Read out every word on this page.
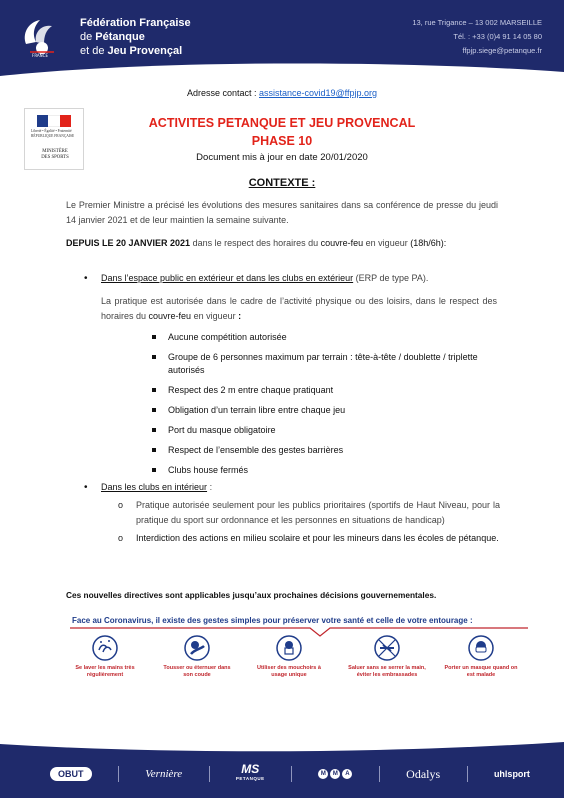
FRANCE
Fédération Française
de Pétanque
et de Jeu Provençal
13, rue Trigance – 13 002 MARSEILLE
Tél. : +33 (0)4 91 14 05 80
ffpjp.siege@petanque.fr
Liberté • Égalité • Fraternité
RÉPUBLIQUE FRANÇAISE
MINISTÈRE
DES SPORTS
Adresse contact : assistance-covid19@ffpjp.org
ACTIVITES PETANQUE ET JEU PROVENCAL
PHASE 10
Document mis à jour en date 20/01/2020
CONTEXTE :
Le Premier Ministre a précisé les évolutions des mesures sanitaires dans sa conférence de presse du jeudi 14 janvier 2021 et de leur maintien la semaine suivante.
DEPUIS LE 20 JANVIER 2021 dans le respect des horaires du couvre-feu en vigueur (18h/6h):
• Dans l’espace public en extérieur et dans les clubs en extérieur (ERP de type PA).
La pratique est autorisée dans le cadre de l’activité physique ou des loisirs, dans le respect des horaires du couvre-feu en vigueur :
Aucune compétition autorisée
Groupe de 6 personnes maximum par terrain : tête-à-tête / doublette / triplette autorisés
Respect des 2 m entre chaque pratiquant
Obligation d’un terrain libre entre chaque jeu
Port du masque obligatoire
Respect de l’ensemble des gestes barrières
Clubs house fermés
• Dans les clubs en intérieur :
o Pratique autorisée seulement pour les publics prioritaires (sportifs de Haut Niveau, pour la pratique du sport sur ordonnance et les personnes en situations de handicap)
o Interdiction des actions en milieu scolaire et pour les mineurs dans les écoles de pétanque.
Ces nouvelles directives sont applicables jusqu’aux prochaines décisions gouvernementales.
Face au Coronavirus, il existe des gestes simples pour préserver votre santé et celle de votre entourage :
Se laver les mains très régulièrement
Tousser ou éternuer dans son coude
Utiliser des mouchoirs à usage unique
Saluer sans se serrer la main, éviter les embrassades
Porter un masque quand on est malade
OBUT	Vernière	MS
PETANQUE
M	M	A	Odalys	uhlsport
